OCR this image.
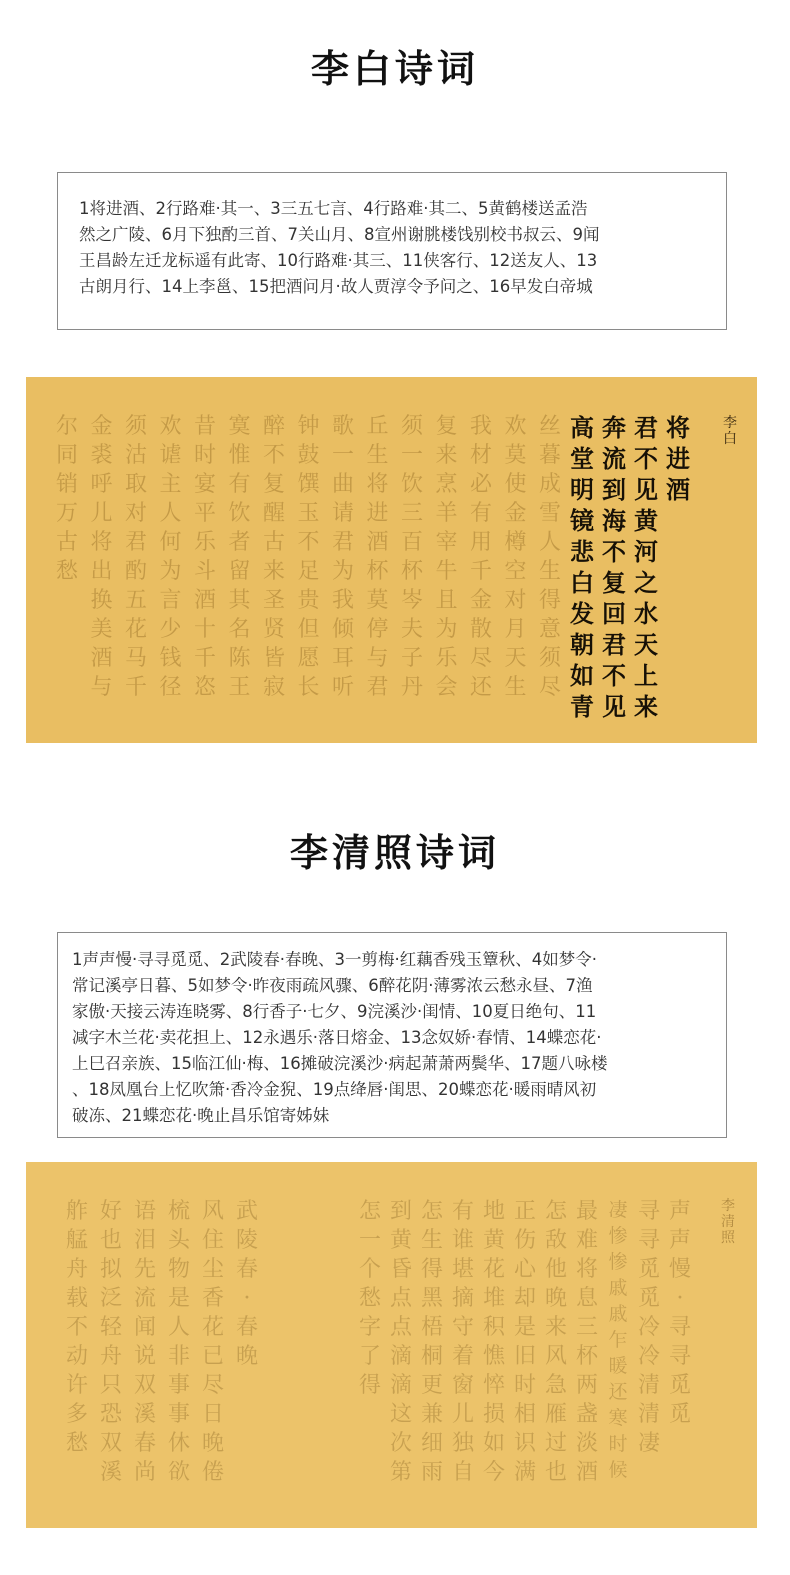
李白诗词

1将进酒、2行路难·其一、3三五七言、4行路难·其二、5黄鹤楼送孟浩

然之广陵、6月下独酌三首、7关山月、8宣州谢朓楼饯别校书叔云、9闻

王昌龄左迁龙标遥有此寄、10行路难·其三、11侠客行、12送友人、13

古朗月行、14上李邕、15把酒问月·故人贾淳令予问之、16早发白帝城

李
白
将
进
酒
君
不
见
黄
河
之
水
天
上
来
奔
流
到
海
不
复
回
君
不
见
高
堂
明
镜
悲
白
发
朝
如
青
丝
暮
成
雪
人
生
得
意
须
尽
欢
莫
使
金
樽
空
对
月
天
生
我
材
必
有
用
千
金
散
尽
还
复
来
烹
羊
宰
牛
且
为
乐
会
须
一
饮
三
百
杯
岑
夫
子
丹
丘
生
将
进
酒
杯
莫
停
与
君
歌
一
曲
请
君
为
我
倾
耳
听
钟
鼓
馔
玉
不
足
贵
但
愿
长
醉
不
复
醒
古
来
圣
贤
皆
寂
寞
惟
有
饮
者
留
其
名
陈
王
昔
时
宴
平
乐
斗
酒
十
千
恣
欢
谑
主
人
何
为
言
少
钱
径
须
沽
取
对
君
酌
五
花
马
千
金
裘
呼
儿
将
出
换
美
酒
与
尔
同
销
万
古
愁
李清照诗词

1声声慢·寻寻觅觅、2武陵春·春晚、3一剪梅·红藕香残玉簟秋、4如梦令·

常记溪亭日暮、5如梦令·昨夜雨疏风骤、6醉花阴·薄雾浓云愁永昼、7渔

家傲·天接云涛连晓雾、8行香子·七夕、9浣溪沙·闺情、10夏日绝句、11

减字木兰花·卖花担上、12永遇乐·落日熔金、13念奴娇·春情、14蝶恋花·

上巳召亲族、15临江仙·梅、16摊破浣溪沙·病起萧萧两鬓华、17题八咏楼

、18凤凰台上忆吹箫·香冷金猊、19点绛唇·闺思、20蝶恋花·暖雨晴风初

破冻、21蝶恋花·晚止昌乐馆寄姊妹

李
清
照
声
声
慢
·
寻
寻
觅
觅
寻
寻
觅
觅
冷
冷
清
清
凄
凄
惨
惨
戚
戚
乍
暖
还
寒
时
候
最
难
将
息
三
杯
两
盏
淡
酒
怎
敌
他
晚
来
风
急
雁
过
也
正
伤
心
却
是
旧
时
相
识
满
地
黄
花
堆
积
憔
悴
损
如
今
有
谁
堪
摘
守
着
窗
儿
独
自
怎
生
得
黑
梧
桐
更
兼
细
雨
到
黄
昏
点
点
滴
滴
这
次
第
怎
一
个
愁
字
了
得
武
陵
春
·
春
晚
风
住
尘
香
花
已
尽
日
晚
倦
梳
头
物
是
人
非
事
事
休
欲
语
泪
先
流
闻
说
双
溪
春
尚
好
也
拟
泛
轻
舟
只
恐
双
溪
舴
艋
舟
载
不
动
许
多
愁
